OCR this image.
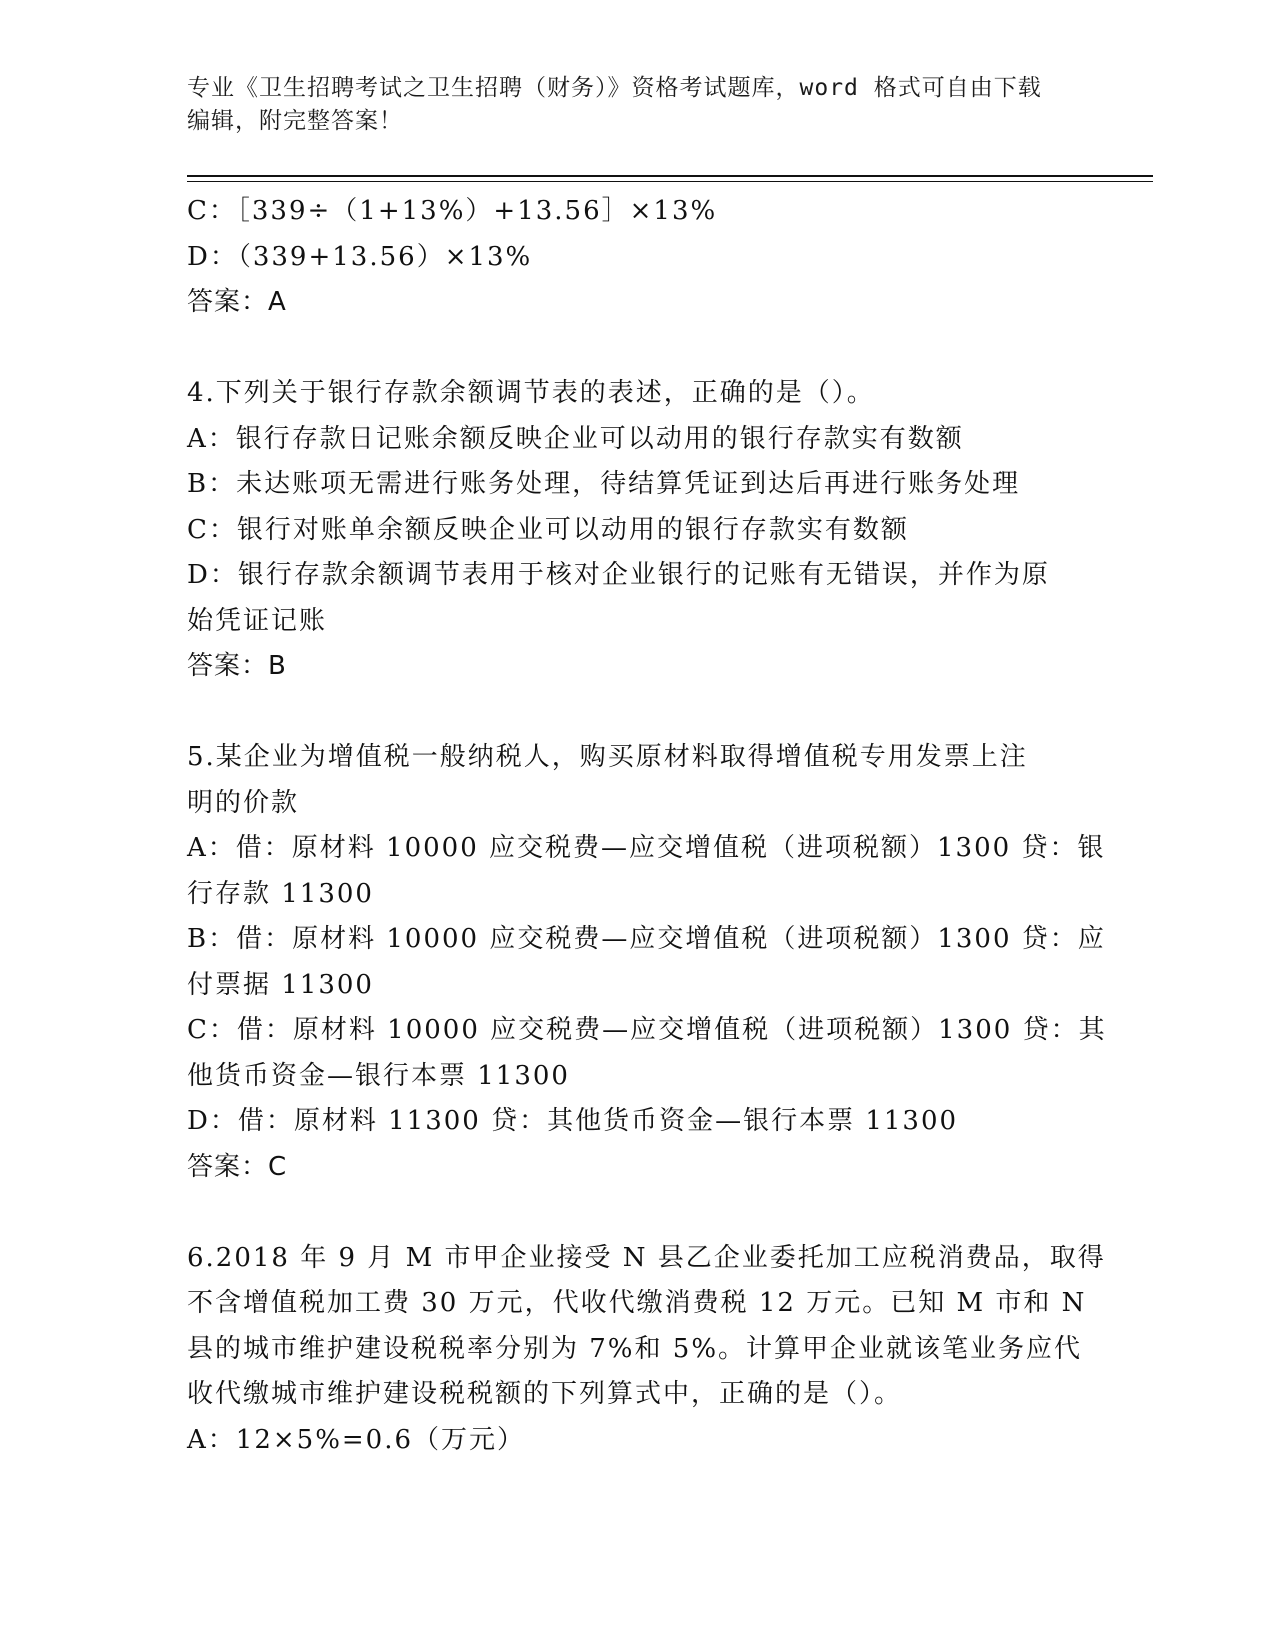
专业《卫生招聘考试之卫生招聘（财务）》资格考试题库，word 格式可自由下载
编辑，附完整答案！
C：［339÷（1+13%）+13.56］×13%
D：（339+13.56）×13%
答案：A
4.下列关于银行存款余额调节表的表述，正确的是（）。
A：银行存款日记账余额反映企业可以动用的银行存款实有数额
B：未达账项无需进行账务处理，待结算凭证到达后再进行账务处理
C：银行对账单余额反映企业可以动用的银行存款实有数额
D：银行存款余额调节表用于核对企业银行的记账有无错误，并作为原
始凭证记账
答案：B
5.某企业为增值税一般纳税人，购买原材料取得增值税专用发票上注
明的价款
A：借：原材料 10000 应交税费—应交增值税（进项税额）1300 贷：银
行存款 11300
B：借：原材料 10000 应交税费—应交增值税（进项税额）1300 贷：应
付票据 11300
C：借：原材料 10000 应交税费—应交增值税（进项税额）1300 贷：其
他货币资金—银行本票 11300
D：借：原材料 11300 贷：其他货币资金—银行本票 11300
答案：C
6.2018 年 9 月 M 市甲企业接受 N 县乙企业委托加工应税消费品，取得
不含增值税加工费 30 万元，代收代缴消费税 12 万元。已知 M 市和 N
县的城市维护建设税税率分别为 7%和 5%。计算甲企业就该笔业务应代
收代缴城市维护建设税税额的下列算式中，正确的是（）。
A：12×5%=0.6（万元）
